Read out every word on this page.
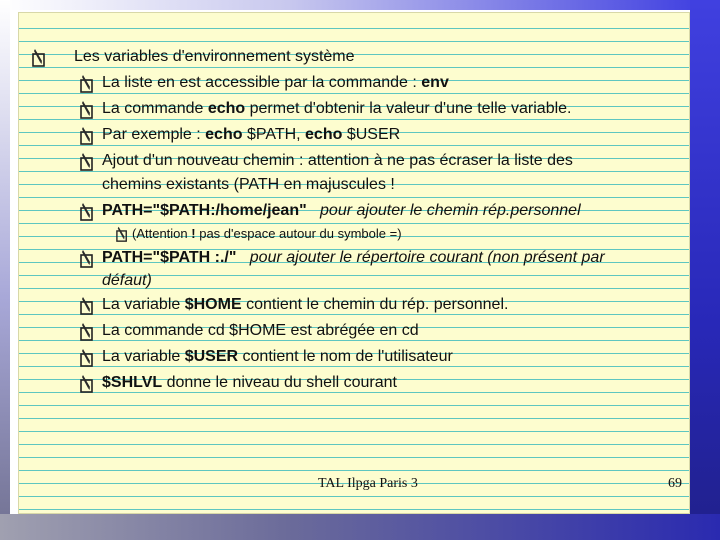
Les variables d'environnement système
La liste en est accessible par la commande : env
La commande echo permet d'obtenir la valeur d'une telle variable.
Par exemple : echo $PATH, echo $USER
Ajout d'un nouveau chemin : attention à ne pas écraser la liste des
chemins existants (PATH en majuscules !
PATH="$PATH:/home/jean" pour ajouter le chemin rép.personnel
(Attention ! pas d'espace autour du symbole =)
PATH="$PATH :./" pour ajouter le répertoire courant (non présent par
défaut)
La variable $HOME contient le chemin du rép. personnel.
La commande cd $HOME est abrégée en cd
La variable $USER contient le nom de l'utilisateur
$SHLVL donne le niveau du shell courant
TAL Ilpga Paris 3	69
